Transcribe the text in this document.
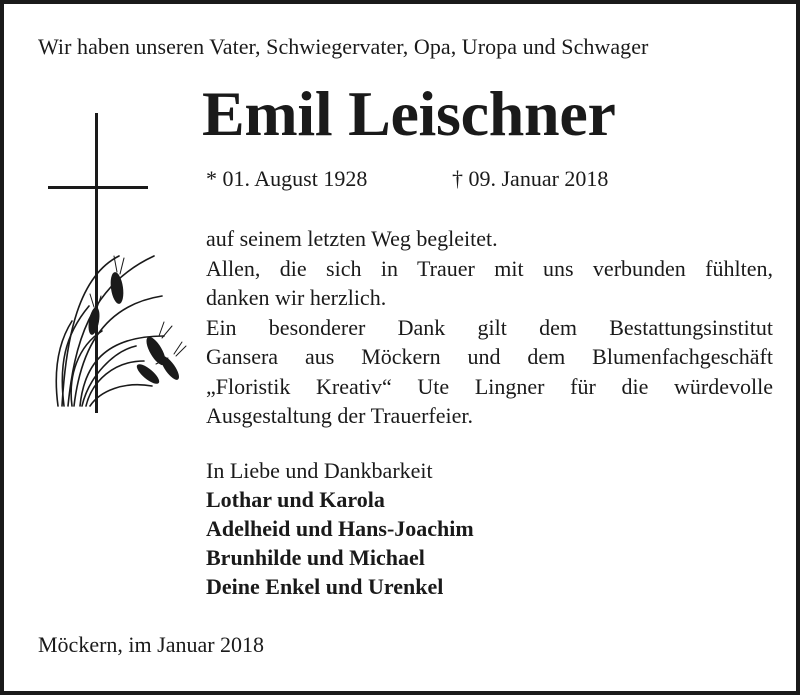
Wir haben unseren Vater, Schwiegervater, Opa, Uropa und Schwager
Emil Leischner
* 01. August 1928	† 09. Januar 2018
auf seinem letzten Weg begleitet.
Allen, die sich in Trauer mit uns verbunden fühlten,
danken wir herzlich.
Ein besonderer Dank gilt dem Bestattungsinstitut
Gansera aus Möckern und dem Blumenfachgeschäft
„Floristik Kreativ“ Ute Lingner für die würdevolle
Ausgestaltung der Trauerfeier.
In Liebe und Dankbarkeit
Lothar und Karola
Adelheid und Hans-Joachim
Brunhilde und Michael
Deine Enkel und Urenkel
Möckern, im Januar 2018
